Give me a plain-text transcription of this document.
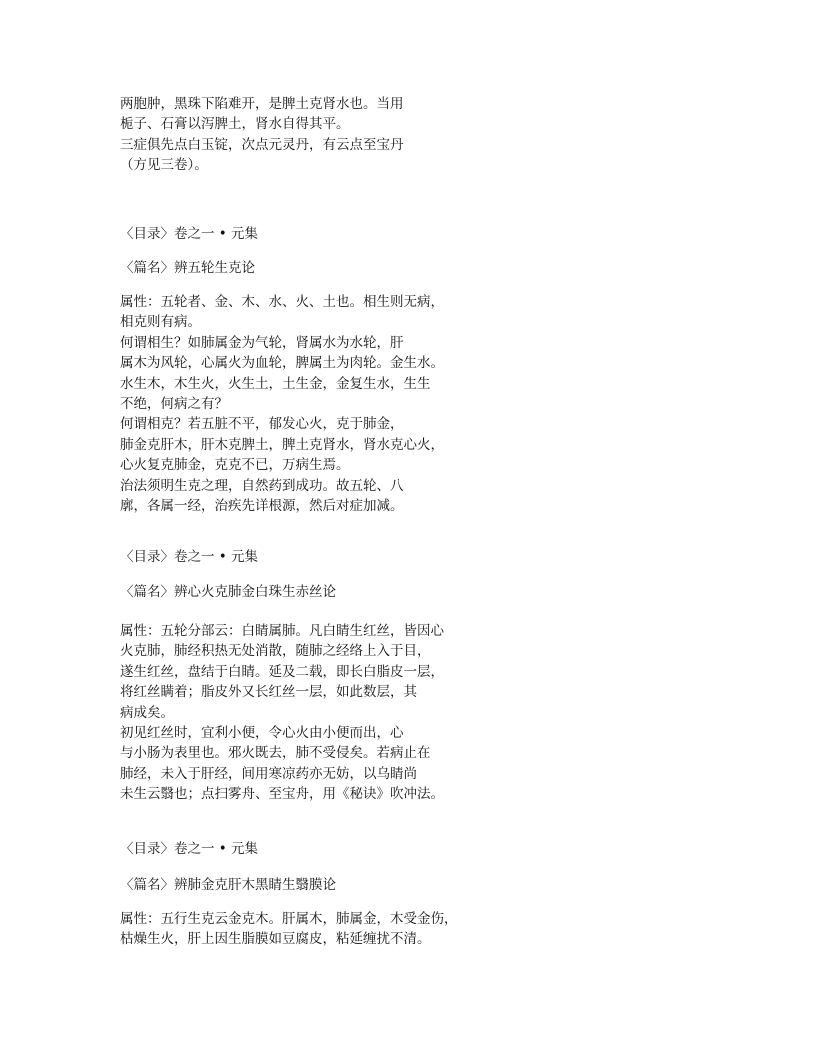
两胞肿，黑珠下陷难开，是脾土克肾水也。当用
栀子、石膏以泻脾土，肾水自得其平。
三症俱先点白玉锭，次点元灵丹，有云点至宝丹
（方见三卷）。
〈目录〉卷之一 • 元集
〈篇名〉辨五轮生克论
属性：五轮者、金、木、水、火、土也。相生则无病，
相克则有病。
何谓相生？如肺属金为气轮，肾属水为水轮，肝
属木为风轮，心属火为血轮，脾属土为肉轮。金生水。
水生木，木生火，火生土，土生金，金复生水，生生
不绝，何病之有？
何谓相克？若五脏不平，郁发心火，克于肺金，
肺金克肝木，肝木克脾土，脾土克肾水，肾水克心火，
心火复克肺金，克克不已，万病生焉。
治法须明生克之理，自然药到成功。故五轮、八
廓，各属一经，治疾先详根源，然后对症加减。
〈目录〉卷之一 • 元集
〈篇名〉辨心火克肺金白珠生赤丝论
属性：五轮分部云：白睛属肺。凡白睛生红丝，皆因心
火克肺，肺经积热无处消散，随肺之经络上入于目，
遂生红丝，盘结于白睛。延及二载，即长白脂皮一层，
将红丝瞒着；脂皮外又长红丝一层，如此数层，其
病成矣。
初见红丝时，宜利小便，令心火由小便而出，心
与小肠为表里也。邪火既去，肺不受侵矣。若病止在
肺经，未入于肝经，间用寒凉药亦无妨，以乌睛尚
未生云翳也；点扫雾舟、至宝舟，用《秘诀》吹冲法。
〈目录〉卷之一 • 元集
〈篇名〉辨肺金克肝木黑睛生翳膜论
属性：五行生克云金克木。肝属木，肺属金，木受金伤，
枯燥生火，肝上因生脂膜如豆腐皮，粘延缠扰不清。
